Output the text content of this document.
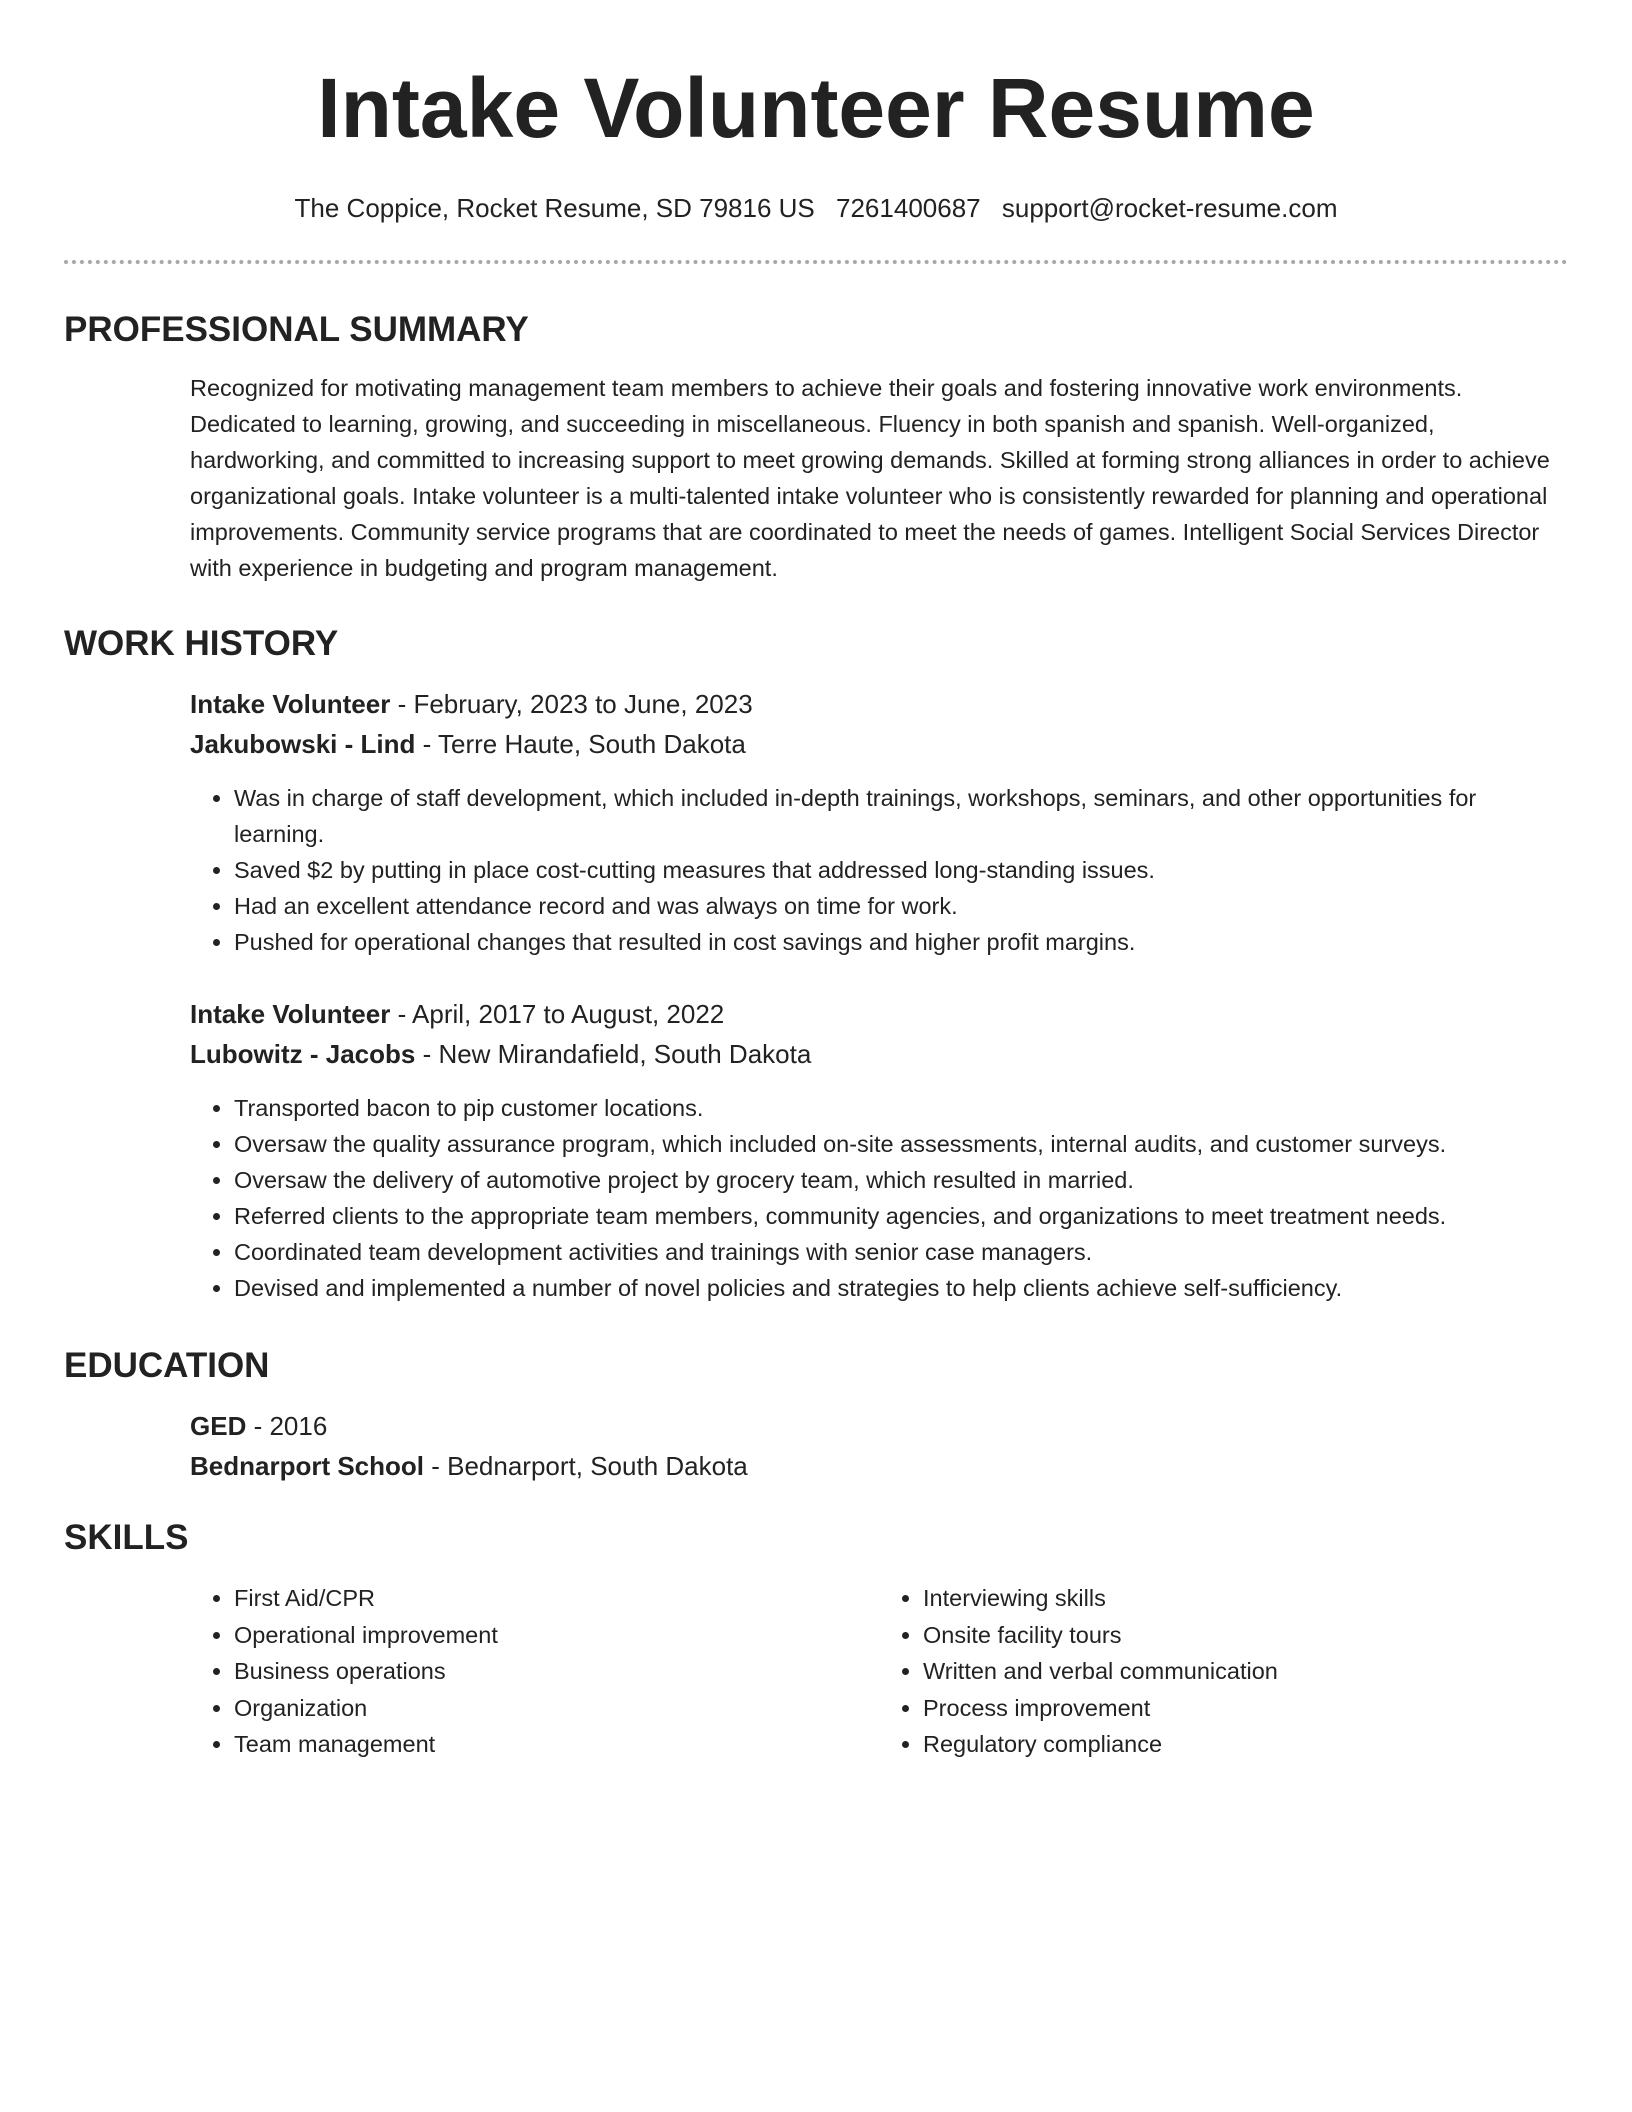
Intake Volunteer Resume
The Coppice, Rocket Resume, SD 79816 US 7261400687 support@rocket-resume.com
PROFESSIONAL SUMMARY

Recognized for motivating management team members to achieve their goals and fostering innovative work environments. Dedicated to learning, growing, and succeeding in miscellaneous. Fluency in both spanish and spanish. Well-organized, hardworking, and committed to increasing support to meet growing demands. Skilled at forming strong alliances in order to achieve organizational goals. Intake volunteer is a multi-talented intake volunteer who is consistently rewarded for planning and operational improvements. Community service programs that are coordinated to meet the needs of games. Intelligent Social Services Director with experience in budgeting and program management.

WORK HISTORY
Intake Volunteer - February, 2023 to June, 2023
Jakubowski - Lind - Terre Haute, South Dakota
• Was in charge of staff development, which included in-depth trainings, workshops, seminars, and other opportunities for learning.
• Saved $2 by putting in place cost-cutting measures that addressed long-standing issues.
• Had an excellent attendance record and was always on time for work.
• Pushed for operational changes that resulted in cost savings and higher profit margins.
Intake Volunteer - April, 2017 to August, 2022
Lubowitz - Jacobs - New Mirandafield, South Dakota
• Transported bacon to pip customer locations.
• Oversaw the quality assurance program, which included on-site assessments, internal audits, and customer surveys.
• Oversaw the delivery of automotive project by grocery team, which resulted in married.
• Referred clients to the appropriate team members, community agencies, and organizations to meet treatment needs.
• Coordinated team development activities and trainings with senior case managers.
• Devised and implemented a number of novel policies and strategies to help clients achieve self-sufficiency.
EDUCATION
GED - 2016
Bednarport School - Bednarport, South Dakota
SKILLS
• First Aid/CPR
• Operational improvement
• Business operations
• Organization
• Team management
• Interviewing skills
• Onsite facility tours
• Written and verbal communication
• Process improvement
• Regulatory compliance
